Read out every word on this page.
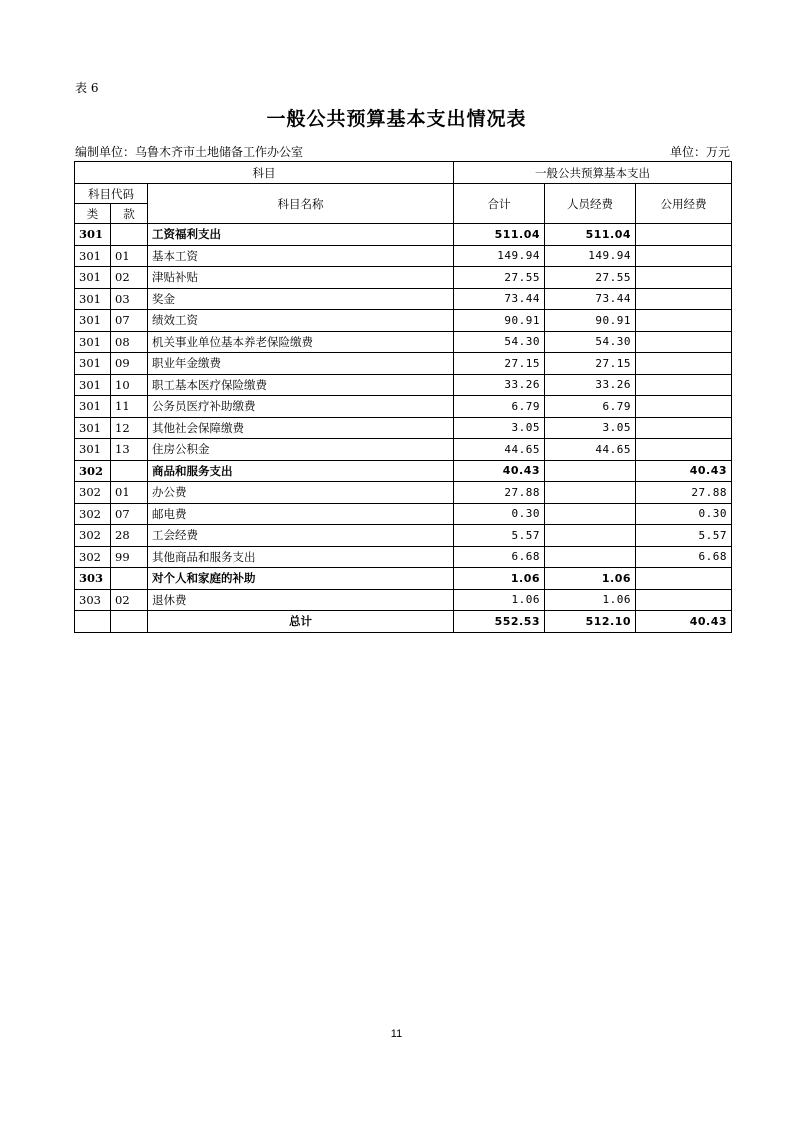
表 6
一般公共预算基本支出情况表
编制单位：乌鲁木齐市土地储备工作办公室	单位：万元
科目			一般公共预算基本支出		
科目代码		科目名称	合计	人员经费	公用经费
类	款				
301		工资福利支出	511.04	511.04	
301	01	基本工资	149.94	149.94	
301	02	津贴补贴	27.55	27.55	
301	03	奖金	73.44	73.44	
301	07	绩效工资	90.91	90.91	
301	08	机关事业单位基本养老保险缴费	54.30	54.30	
301	09	职业年金缴费	27.15	27.15	
301	10	职工基本医疗保险缴费	33.26	33.26	
301	11	公务员医疗补助缴费	6.79	6.79	
301	12	其他社会保障缴费	3.05	3.05	
301	13	住房公积金	44.65	44.65	
302		商品和服务支出	40.43		40.43
302	01	办公费	27.88		27.88
302	07	邮电费	0.30		0.30
302	28	工会经费	5.57		5.57
302	99	其他商品和服务支出	6.68		6.68
303		对个人和家庭的补助	1.06	1.06	
303	02	退休费	1.06	1.06	
		总计	552.53	512.10	40.43
11
